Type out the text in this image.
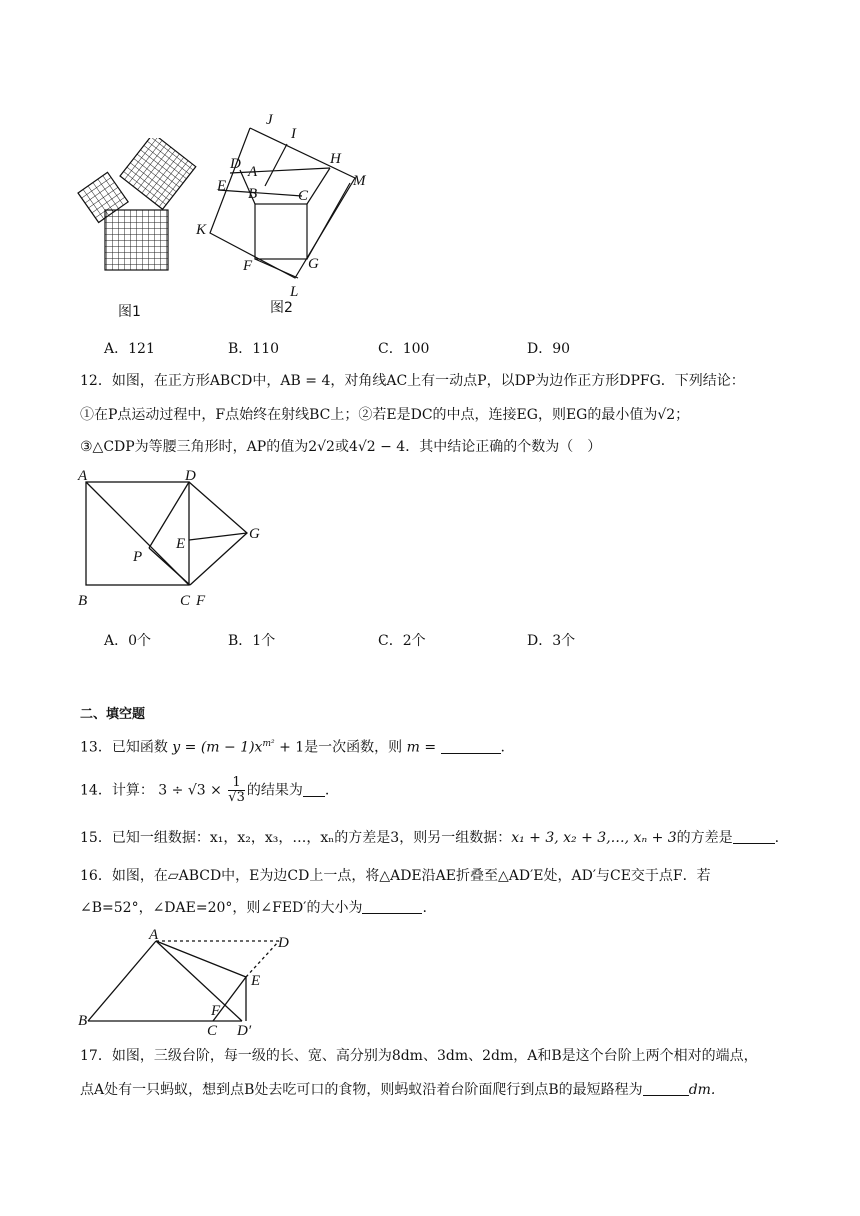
图1
J
I
D A
H
E B	C
M
K
F	G
L
图2
A．121	B．110	C．100	D．90
12．如图，在正方形ABCD中，AB = 4，对角线AC上有一动点P，以DP为边作正方形DPFG．下列结论：
①在P点运动过程中，F点始终在射线BC上；②若E是DC的中点，连接EG，则EG的最小值为√2；
③△CDP为等腰三角形时，AP的值为2√2或4√2 − 4．其中结论正确的个数为（　）
A	D
G
E
P
B	C F
A．0个	B．1个	C．2个	D．3个
二、填空题
13．已知函数 $y = (m - 1)x^{m^2} + 1$是一次函数，则 m =	.
14．计算： $3 \div √3 \times \frac{1}{√3}$ 的结果为 .
15．已知一组数据：x₁，x₂，x₃，…，xₙ的方差是3，则另一组数据：x₁ + 3, x₂ + 3,…, xₙ + 3的方差是	.
16．如图，在▱ABCD中，E为边CD上一点，将△ADE沿AE折叠至△AD′E处，AD′与CE交于点F．若
∠B=52°，∠DAE=20°，则∠FED′的大小为	.
A	D
E
F
B
C D′
17．如图，三级台阶，每一级的长、宽、高分别为8dm、3dm、2dm，A和B是这个台阶上两个相对的端点，
点A处有一只蚂蚁，想到点B处去吃可口的食物，则蚂蚁沿着台阶面爬行到点B的最短路程为	dm.
